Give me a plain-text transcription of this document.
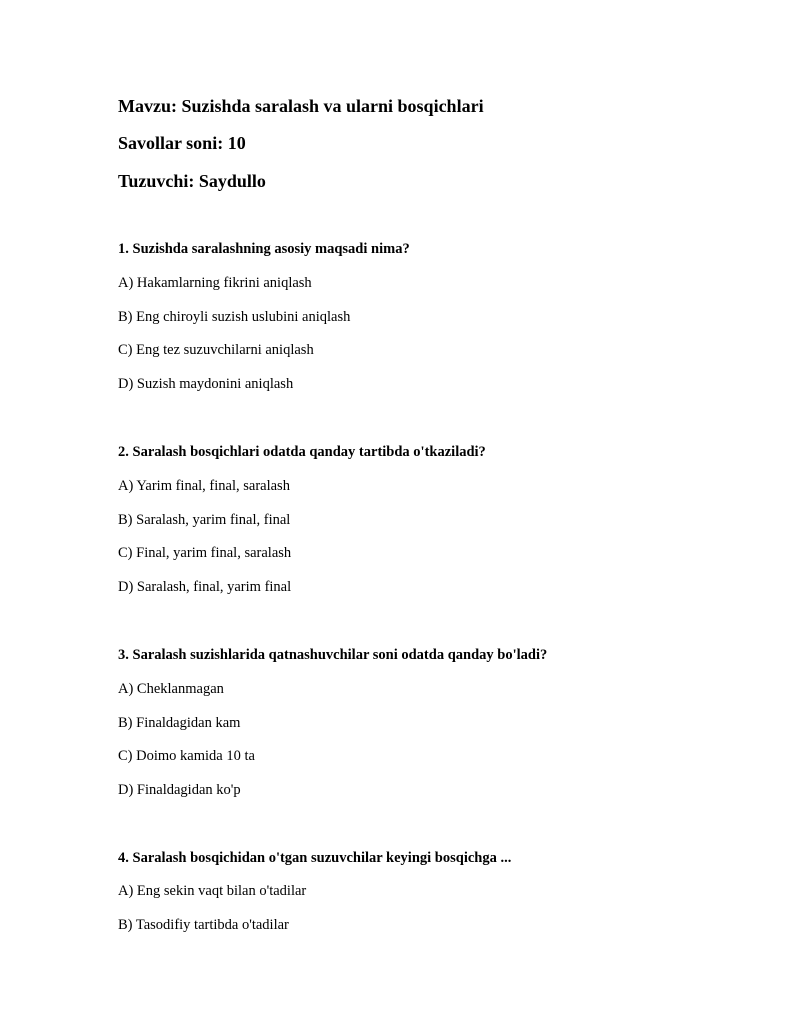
Mavzu: Suzishda saralash va ularni bosqichlari
Savollar soni: 10
Tuzuvchi: Saydullo
1. Suzishda saralashning asosiy maqsadi nima?
A) Hakamlarning fikrini aniqlash
B) Eng chiroyli suzish uslubini aniqlash
C) Eng tez suzuvchilarni aniqlash
D) Suzish maydonini aniqlash
2. Saralash bosqichlari odatda qanday tartibda o'tkaziladi?
A) Yarim final, final, saralash
B) Saralash, yarim final, final
C) Final, yarim final, saralash
D) Saralash, final, yarim final
3. Saralash suzishlarida qatnashuvchilar soni odatda qanday bo'ladi?
A) Cheklanmagan
B) Finaldagidan kam
C) Doimo kamida 10 ta
D) Finaldagidan ko'p
4. Saralash bosqichidan o'tgan suzuvchilar keyingi bosqichga ...
A) Eng sekin vaqt bilan o'tadilar
B) Tasodifiy tartibda o'tadilar
